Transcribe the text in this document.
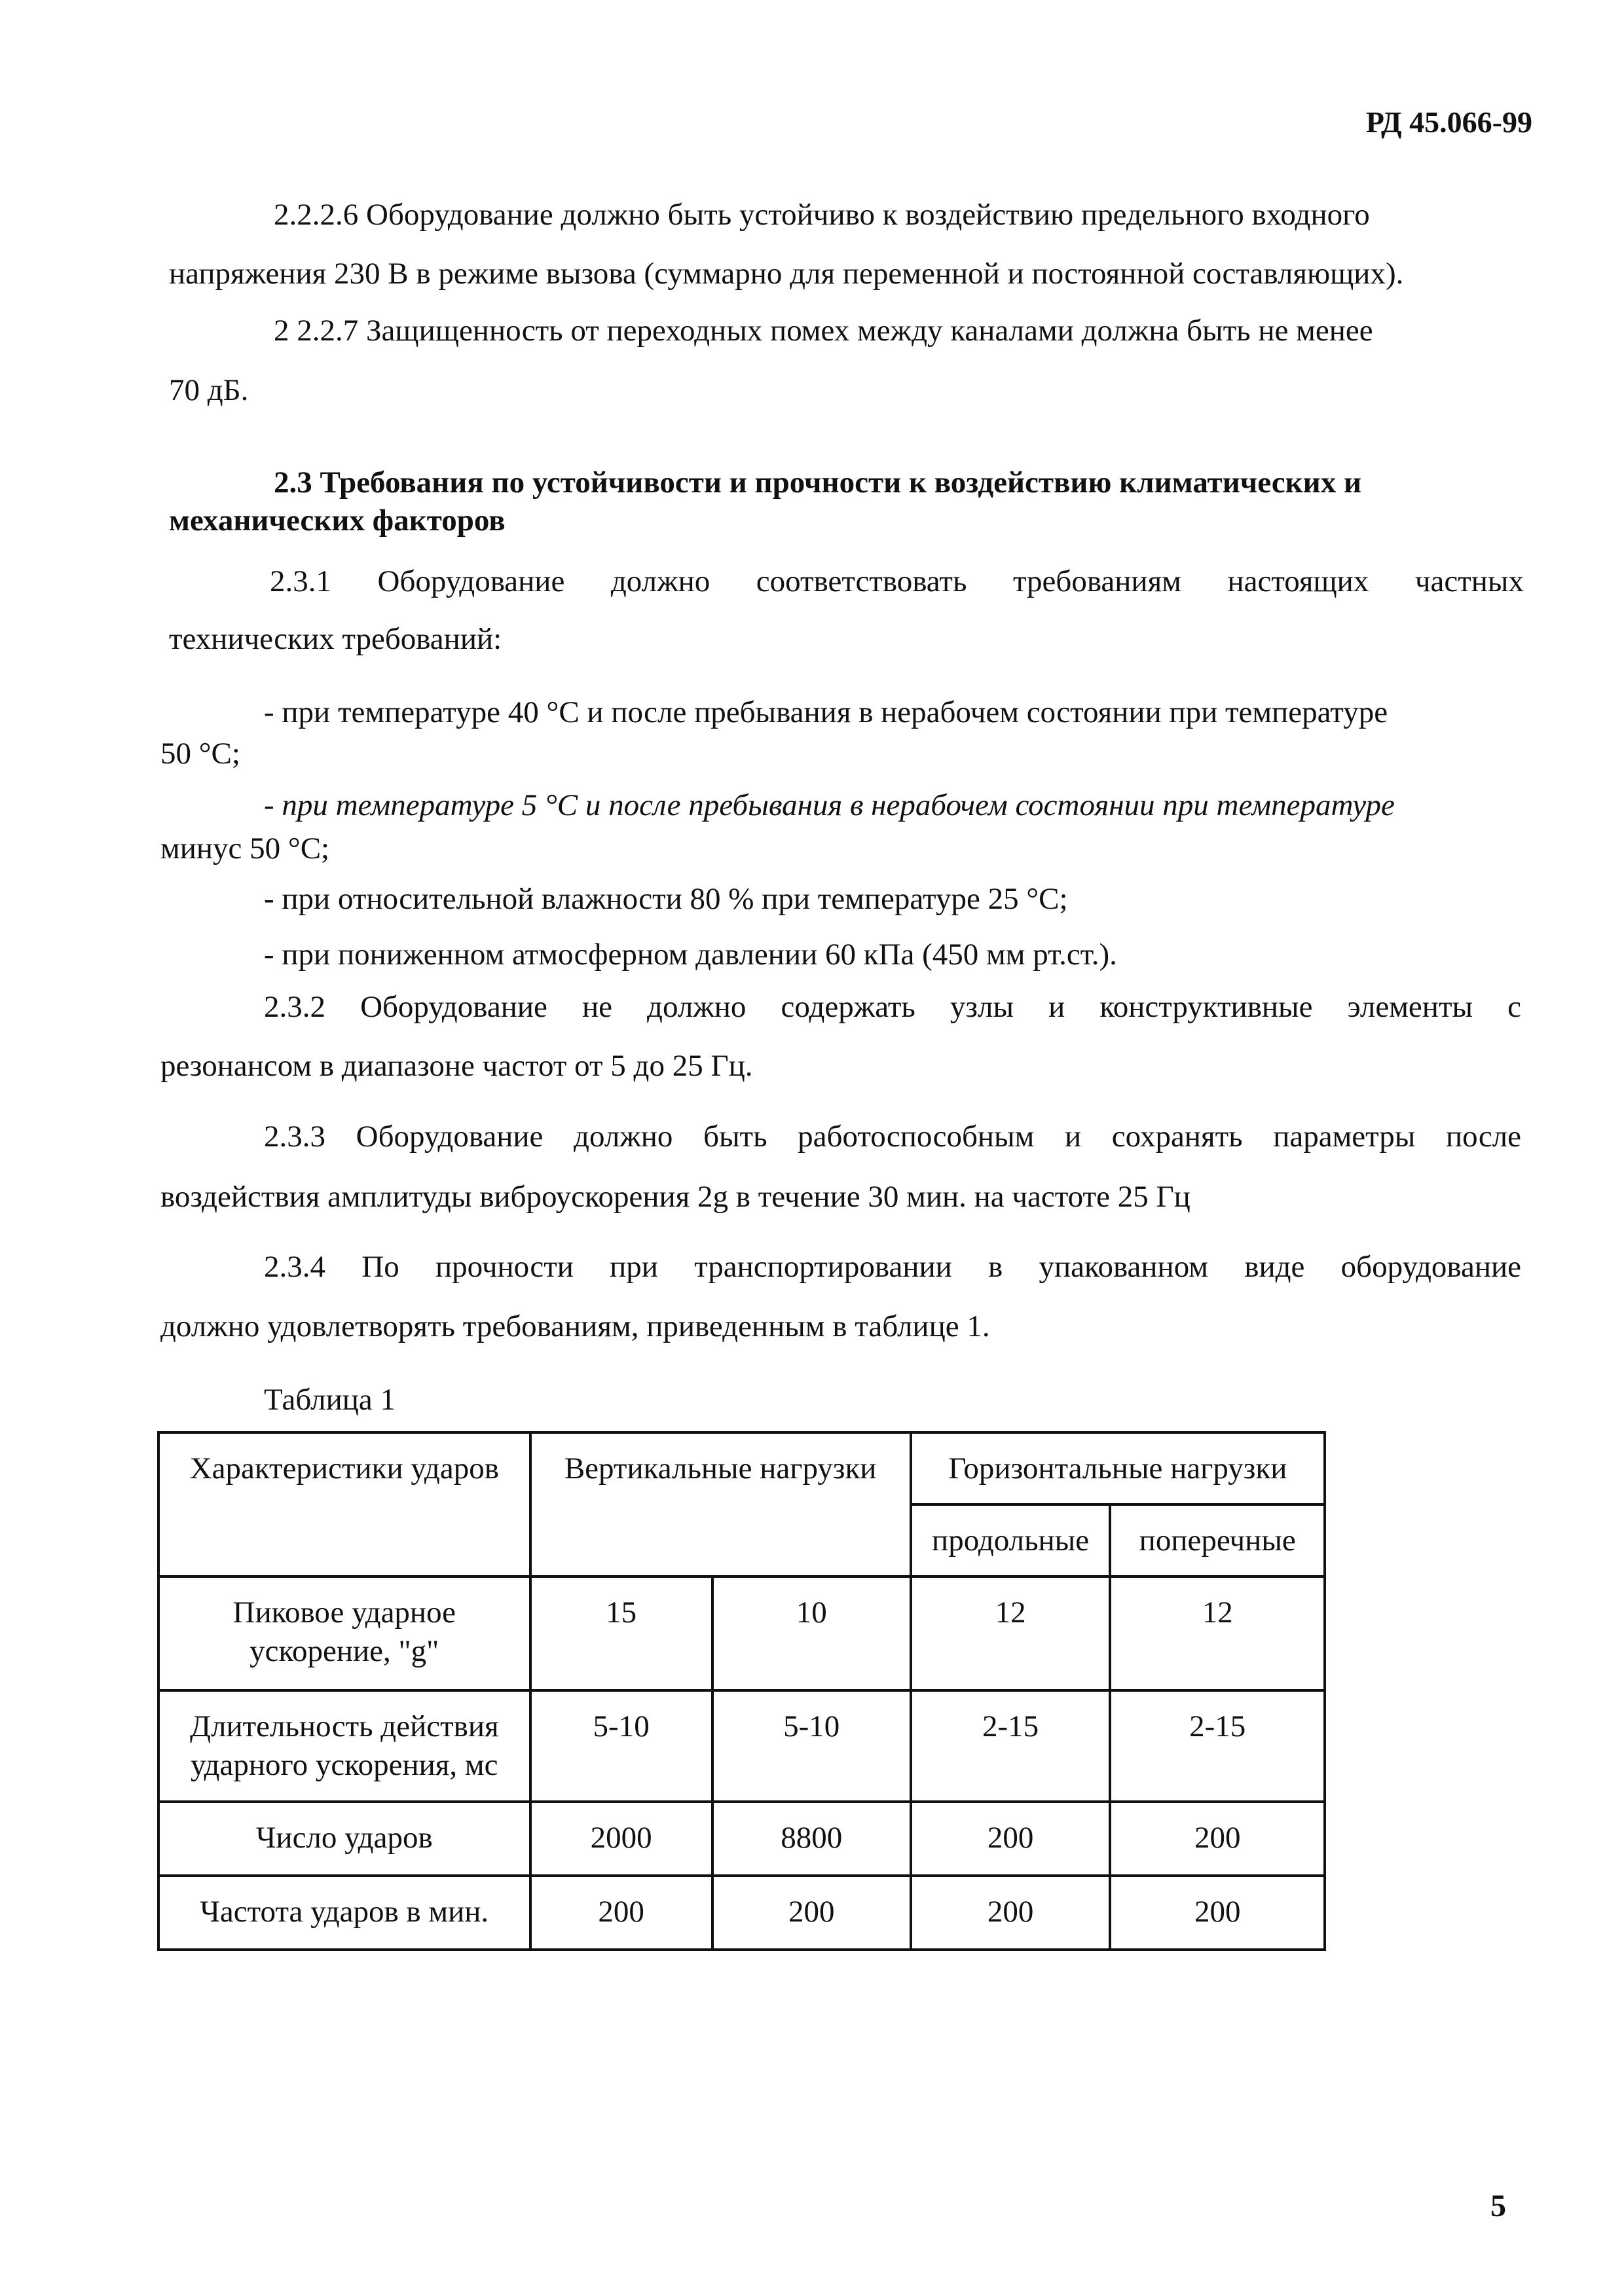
РД 45.066-99
2.2.2.6 Оборудование должно быть устойчиво к воздействию предельного входного
напряжения 230 В в режиме вызова (суммарно для переменной и постоянной составляющих).
2 2.2.7 Защищенность от переходных помех между каналами должна быть не менее
70 дБ.
2.3 Требования по устойчивости и прочности к воздействию климатических и
механических факторов
2.3.1 Оборудование должно соответствовать требованиям настоящих частных
технических требований:
- при температуре 40 °С и после пребывания в нерабочем состоянии при температуре
50 °С;
- при температуре 5 °С и после пребывания в нерабочем состоянии при температуре
минус 50 °С;
- при относительной влажности 80 % при температуре 25 °С;
- при пониженном атмосферном давлении 60 кПа (450 мм рт.ст.).
2.3.2 Оборудование не должно содержать узлы и конструктивные элементы с
резонансом в диапазоне частот от 5 до 25 Гц.
2.3.3 Оборудование должно быть работоспособным и сохранять параметры после
воздействия амплитуды виброускорения 2g в течение 30 мин. на частоте 25 Гц
2.3.4 По прочности при транспортировании в упакованном виде оборудование
должно удовлетворять требованиям, приведенным в таблице 1.
Таблица 1
Характеристики ударов	Вертикальные нагрузки		Горизонтальные нагрузки	
			продольные	поперечные
Пиковое ударное ускорение, "g"	15	10	12	12
Длительность действия ударного ускорения, мс	5-10	5-10	2-15	2-15
Число ударов	2000	8800	200	200
Частота ударов в мин.	200	200	200	200
5
